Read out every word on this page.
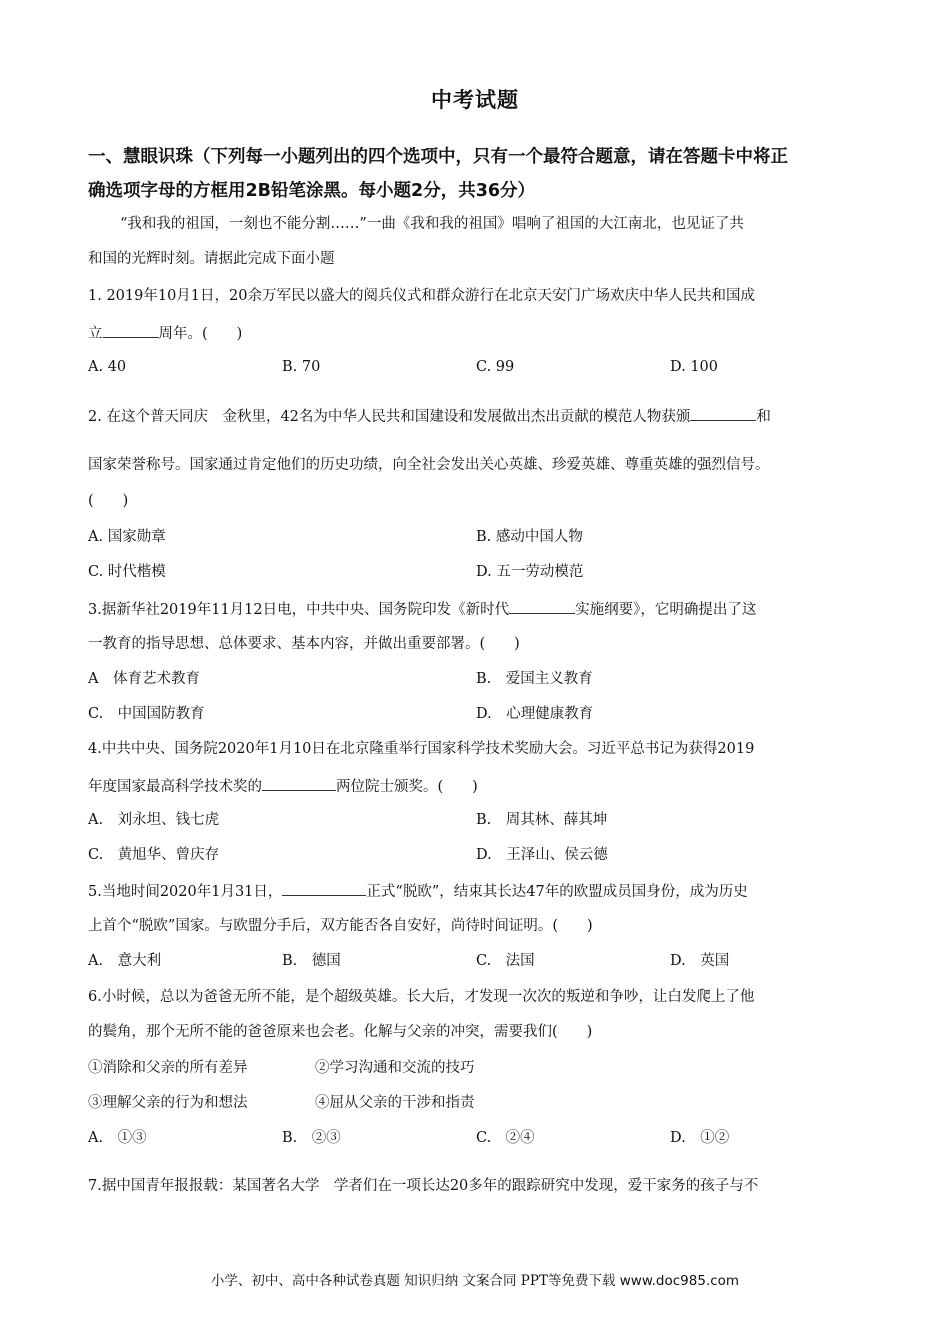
中考试题
一、慧眼识珠（下列每一小题列出的四个选项中，只有一个最符合题意，请在答题卡中将正
确选项字母的方框用2B铅笔涂黑。每小题2分，共36分）
“我和我的祖国，一刻也不能分割……”一曲《我和我的祖国》唱响了祖国的大江南北，也见证了共
和国的光辉时刻。请据此完成下面小题
1. 2019年10月1日，20余万军民以盛大的阅兵仪式和群众游行在北京天安门广场欢庆中华人民共和国成
立	周年。(　　)
A. 40	B. 70	C. 99	D. 100
2. 在这个普天同庆　金秋里，42名为中华人民共和国建设和发展做出杰出贡献的模范人物获颁	和
国家荣誉称号。国家通过肯定他们的历史功绩，向全社会发出关心英雄、珍爱英雄、尊重英雄的强烈信号。
(　　)
A. 国家勋章	B. 感动中国人物
C. 时代楷模	D. 五一劳动模范
3.据新华社2019年11月12日电，中共中央、国务院印发《新时代	实施纲要》，它明确提出了这
一教育的指导思想、总体要求、基本内容，并做出重要部署。(　　)
A　体育艺术教育	B.　爱国主义教育
C.　中国国防教育	D.　心理健康教育
4.中共中央、国务院2020年1月10日在北京隆重举行国家科学技术奖励大会。习近平总书记为获得2019
年度国家最高科学技术奖的	两位院士颁奖。(　　)
A.　刘永坦、钱七虎	B.　周其林、薛其坤
C.　黄旭华、曾庆存	D.　王泽山、侯云德
5.当地时间2020年1月31日，	正式“脱欧”，结束其长达47年的欧盟成员国身份，成为历史
上首个“脱欧”国家。与欧盟分手后，双方能否各自安好，尚待时间证明。(　　)
A.　意大利	B.　德国	C.　法国	D.　英国
6.小时候，总以为爸爸无所不能，是个超级英雄。长大后，才发现一次次的叛逆和争吵，让白发爬上了他
的鬓角，那个无所不能的爸爸原来也会老。化解与父亲的冲突，需要我们(　　)
①消除和父亲的所有差异	②学习沟通和交流的技巧
③理解父亲的行为和想法	④屈从父亲的干涉和指责
A.　①③	B.　②③	C.　②④	D.　①②
7.据中国青年报报载：某国著名大学　学者们在一项长达20多年的跟踪研究中发现，爱干家务的孩子与不
小学、初中、高中各种试卷真题 知识归纳 文案合同 PPT等免费下载 www.doc985.com
